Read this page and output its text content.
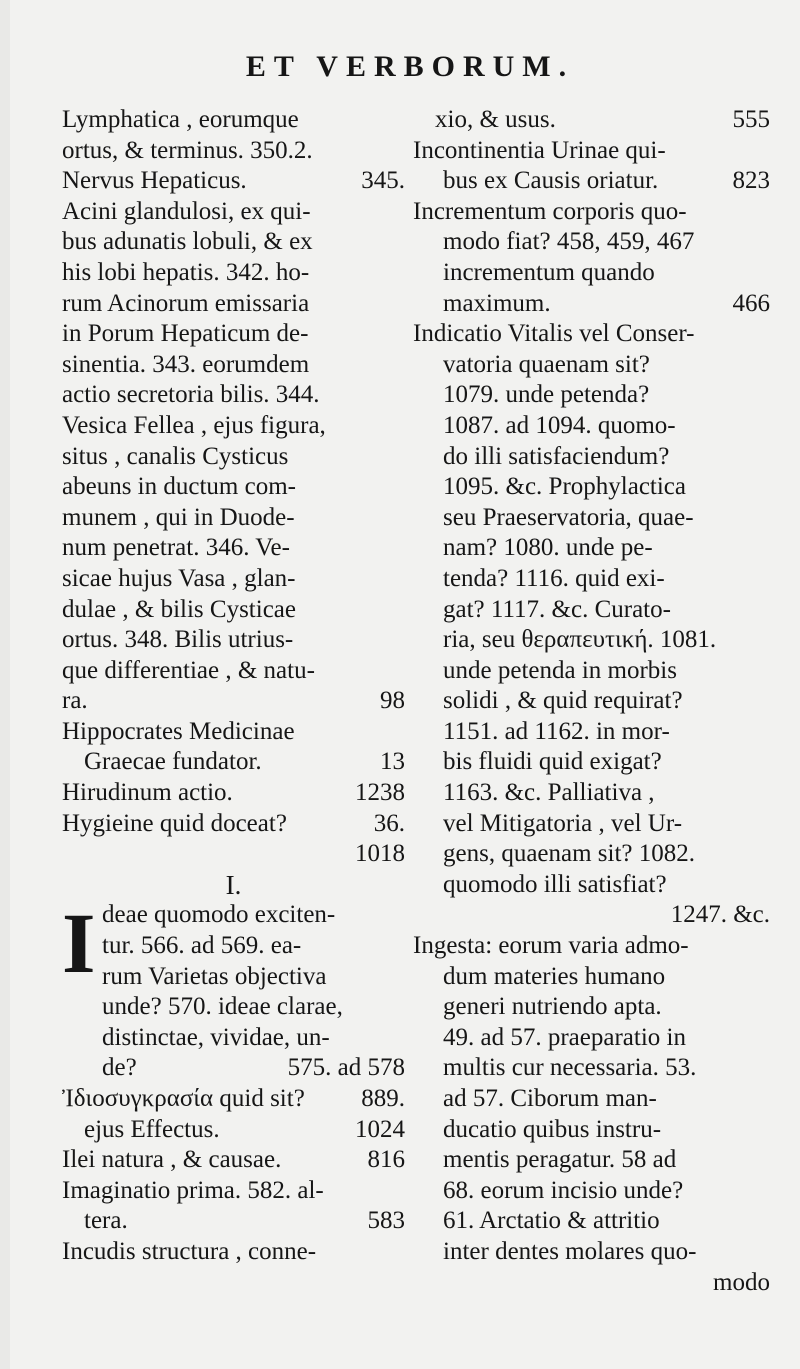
ET VERBORUM.
Lymphatica , eorumque
ortus, & terminus. 350.2.
Nervus Hepaticus.	345.
Acini glandulosi, ex qui-
bus adunatis lobuli, & ex
his lobi hepatis. 342. ho-
rum Acinorum emissaria
in Porum Hepaticum de-
sinentia. 343. eorumdem
actio secretoria bilis. 344.
Vesica Fellea , ejus figura,
situs , canalis Cysticus
abeuns in ductum com-
munem , qui in Duode-
num penetrat. 346. Ve-
sicae hujus Vasa , glan-
dulae , & bilis Cysticae
ortus. 348. Bilis utrius-
que differentiae , & natu-
ra.	98
Hippocrates Medicinae
Graecae fundator.	13
Hirudinum actio.	1238
Hygieine quid doceat?	36.
1018
I.
I deae quomodo exciten-
tur. 566. ad 569. ea-
rum Varietas objectiva
unde? 570. ideae clarae,
distinctae, vividae, un-
de?	575. ad 578
Ἰδιοσυγκρασία quid sit?	889.
ejus Effectus.	1024
Ilei natura , & causae.	816
Imaginatio prima. 582. al-
tera.	583
Incudis structura , conne-
xio, & usus.	555
Incontinentia Urinae qui-
bus ex Causis oriatur.	823
Incrementum corporis quo-
modo fiat? 458, 459, 467
incrementum quando
maximum.	466
Indicatio Vitalis vel Conser-
vatoria quaenam sit?
1079. unde petenda?
1087. ad 1094. quomo-
do illi satisfaciendum?
1095. &c. Prophylactica
seu Praeservatoria, quae-
nam? 1080. unde pe-
tenda? 1116. quid exi-
gat? 1117. &c. Curato-
ria, seu θεραπευτική. 1081.
unde petenda in morbis
solidi , & quid requirat?
1151. ad 1162. in mor-
bis fluidi quid exigat?
1163. &c. Palliativa ,
vel Mitigatoria , vel Ur-
gens, quaenam sit? 1082.
quomodo illi satisfiat?
1247. &c.
Ingesta: eorum varia admo-
dum materies humano
generi nutriendo apta.
49. ad 57. praeparatio in
multis cur necessaria. 53.
ad 57. Ciborum man-
ducatio quibus instru-
mentis peragatur. 58 ad
68. eorum incisio unde?
61. Arctatio & attritio
inter dentes molares quo-
modo
